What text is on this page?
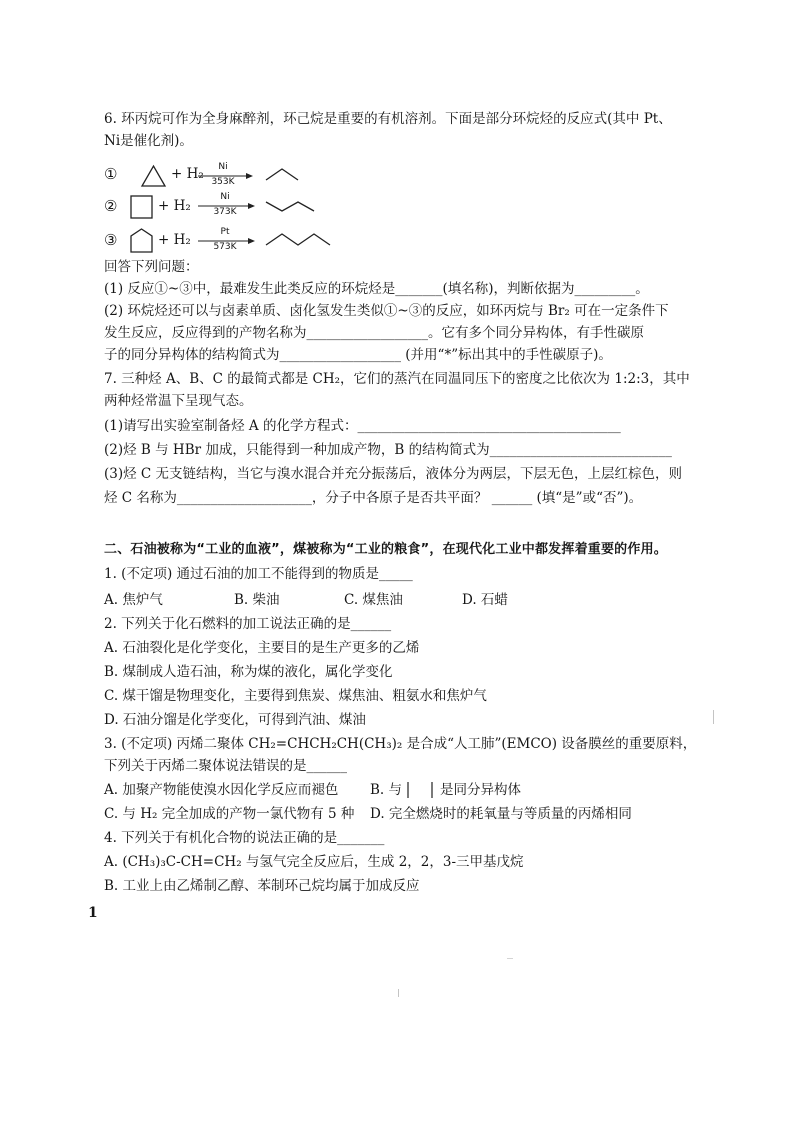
6. 环丙烷可作为全身麻醉剂，环己烷是重要的有机溶剂。下面是部分环烷烃的反应式(其中 Pt、
Ni是催化剂)。
①	+ H₂	Ni
353K
②	+ H₂
Ni
373K
③	+ H₂	Pt
573K
回答下列问题：
(1) 反应①~③中，最难发生此类反应的环烷烃是_______(填名称)，判断依据为_________。
(2) 环烷烃还可以与卤素单质、卤化氢发生类似①~③的反应，如环丙烷与 Br₂ 可在一定条件下
发生反应，反应得到的产物名称为__________________。它有多个同分异构体，有手性碳原
子的同分异构体的结构简式为__________________ (并用“*”标出其中的手性碳原子)。
7. 三种烃 A、B、C 的最简式都是 CH₂，它们的蒸汽在同温同压下的密度之比依次为 1:2:3，其中
两种烃常温下呈现气态。
(1)请写出实验室制备烃 A 的化学方程式：_______________________________________
(2)烃 B 与 HBr 加成，只能得到一种加成产物，B 的结构简式为___________________________
(3)烃 C 无支链结构，当它与溴水混合并充分振荡后，液体分为两层，下层无色，上层红棕色，则
烃 C 名称为____________________，分子中各原子是否共平面？ ______ (填“是”或“否”)。
二、石油被称为“工业的血液”，煤被称为“工业的粮食”，在现代化工业中都发挥着重要的作用。
1. (不定项) 通过石油的加工不能得到的物质是_____
A. 焦炉气	B. 柴油	C. 煤焦油	D. 石蜡
2. 下列关于化石燃料的加工说法正确的是______
A. 石油裂化是化学变化，主要目的是生产更多的乙烯
B. 煤制成人造石油，称为煤的液化，属化学变化
C. 煤干馏是物理变化，主要得到焦炭、煤焦油、粗氨水和焦炉气
D. 石油分馏是化学变化，可得到汽油、煤油
3. (不定项) 丙烯二聚体 CH₂=CHCH₂CH(CH₃)₂ 是合成“人工肺”(EMCO) 设备膜丝的重要原料，
下列关于丙烯二聚体说法错误的是______
A. 加聚产物能使溴水因化学反应而褪色 B. 与	是同分异构体
C. 与 H₂ 完全加成的产物一氯代物有 5 种 D. 完全燃烧时的耗氧量与等质量的丙烯相同
4. 下列关于有机化合物的说法正确的是_______
A. (CH₃)₃C-CH=CH₂ 与氢气完全反应后，生成 2，2，3-三甲基戊烷
B. 工业上由乙烯制乙醇、苯制环己烷均属于加成反应
1
